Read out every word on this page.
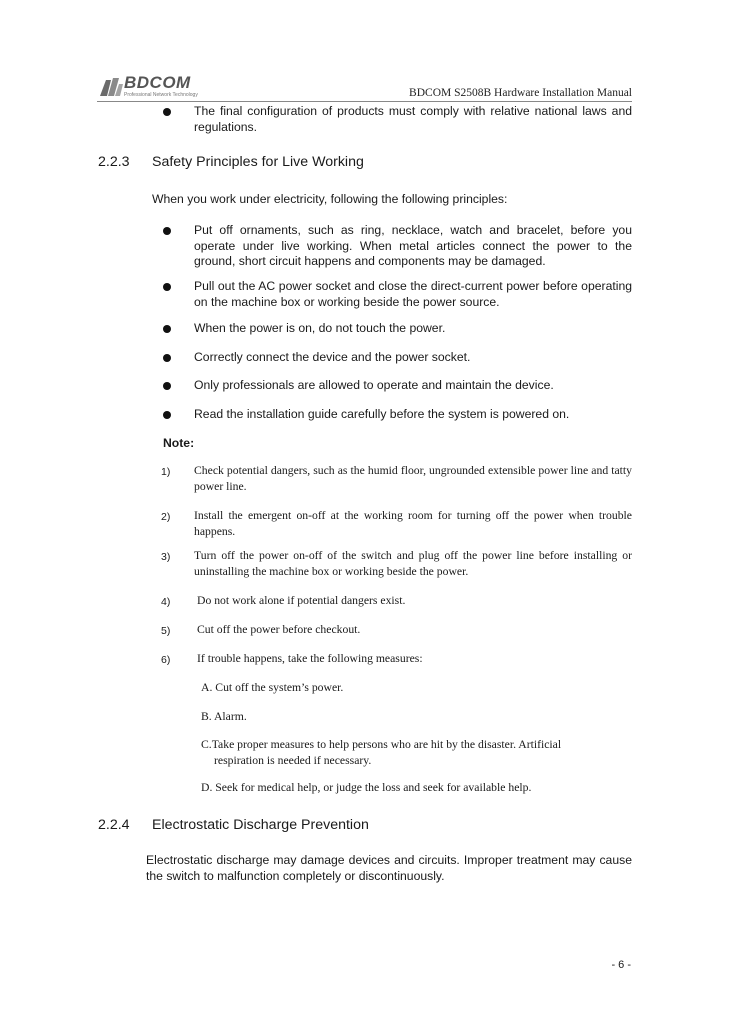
BDCOM
Professional Network Technology	BDCOM S2508B Hardware Installation Manual

The final configuration of products must comply with relative national laws and regulations.

2.2.3 Safety Principles for Live Working

When you work under electricity, following the following principles:

Put off ornaments, such as ring, necklace, watch and bracelet, before you operate under live working. When metal articles connect the power to the ground, short circuit happens and components may be damaged.

Pull out the AC power socket and close the direct-current power before operating on the machine box or working beside the power source.

When the power is on, do not touch the power.

Correctly connect the device and the power socket.

Only professionals are allowed to operate and maintain the device.

Read the installation guide carefully before the system is powered on.

Note:
1) Check potential dangers, such as the humid floor, ungrounded extensible power line and tatty power line.

2) Install the emergent on-off at the working room for turning off the power when trouble happens.

3) Turn off the power on-off of the switch and plug off the power line before installing or uninstalling the machine box or working beside the power.

4) Do not work alone if potential dangers exist.

5) Cut off the power before checkout.

6) If trouble happens, take the following measures:

A. Cut off the system’s power.

B. Alarm.

C.Take proper measures to help persons who are hit by the disaster. Artificial
respiration is needed if necessary.

D. Seek for medical help, or judge the loss and seek for available help.

2.2.4 Electrostatic Discharge Prevention

Electrostatic discharge may damage devices and circuits. Improper treatment may cause the switch to malfunction completely or discontinuously.

- 6 -
